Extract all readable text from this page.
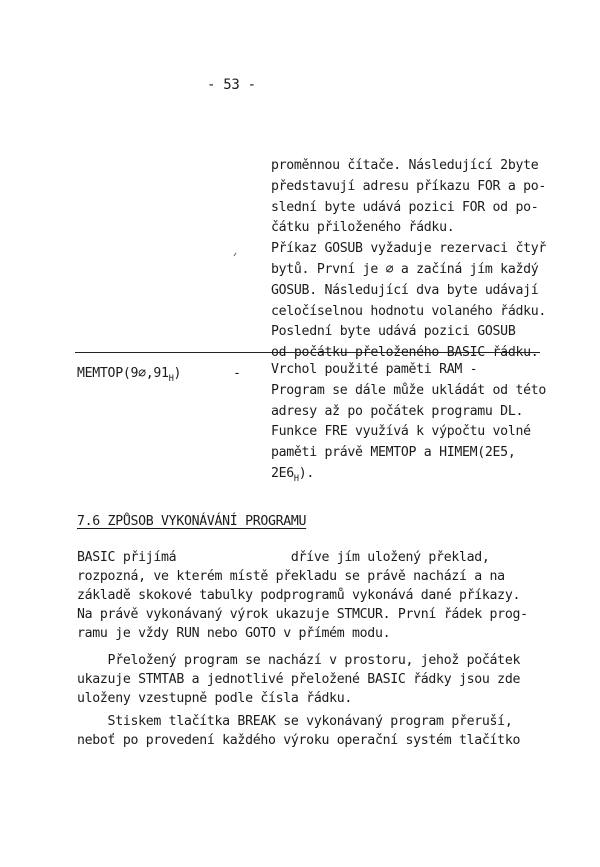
- 53 -
proměnnou čítače. Následující 2byte
představují adresu příkazu FOR a po-
slední byte udává pozici FOR od po-
čátku přiloženého řádku.
Příkaz GOSUB vyžaduje rezervaci čtyř
bytů. První je ∅ a začíná jím každý
GOSUB. Následující dva byte udávají
celočíselnou hodnotu volaného řádku.
Poslední byte udává pozici GOSUB
od počátku přeloženého BASIC řádku.
$MEMTOP(9\emptyset,91_H)$	- Vrchol použité paměti RAM -
Program se dále může ukládát od této
adresy až po počátek programu DL.
Funkce FRE využívá k výpočtu volné
paměti právě MEMTOP a HIMEM(2E5,
$2E6_H$).
7.6 ZPŮSOB VYKONÁVÁNÍ PROGRAMU
BASIC přijímá               dříve jím uložený překlad,
rozpozná, ve kterém místě překladu se právě nachází a na
základě skokové tabulky podprogramů vykonává dané příkazy.
Na právě vykonávaný výrok ukazuje STMCUR. První řádek prog-
ramu je vždy RUN nebo GOTO v přímém modu.
Přeložený program se nachází v prostoru, jehož počátek
ukazuje STMTAB a jednotlivé přeložené BASIC řádky jsou zde
uloženy vzestupně podle čísla řádku.
Stiskem tlačítka BREAK se vykonávaný program přeruší,
neboť po provedení každého výroku operační systém tlačítko
